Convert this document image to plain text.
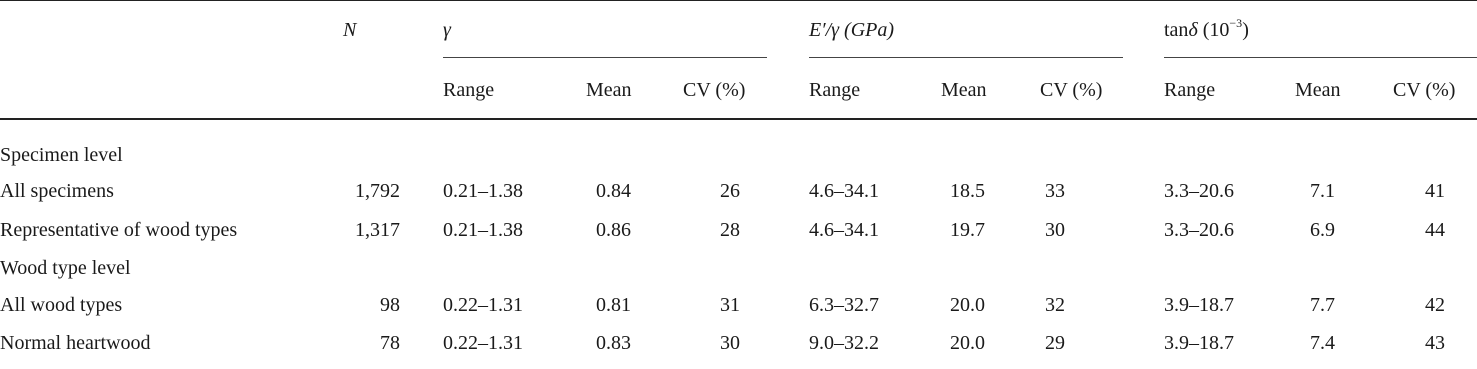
N	γ	E′/γ (GPa)	tanδ $(10^{-3})$
Range	Mean	CV (%)	Range	Mean	CV (%)	Range	Mean	CV (%)
Specimen level
All specimens	1,792 0.21–1.38	0.84	26	4.6–34.1	18.5	33	3.3–20.6	7.1	41
Representative of wood types	1,317 0.21–1.38	0.86	28	4.6–34.1	19.7	30	3.3–20.6	6.9	44
Wood type level
All wood types	98 0.22–1.31	0.81	31	6.3–32.7	20.0	32	3.9–18.7	7.7	42
Normal heartwood	78 0.22–1.31	0.83	30	9.0–32.2	20.0	29	3.9–18.7	7.4	43
